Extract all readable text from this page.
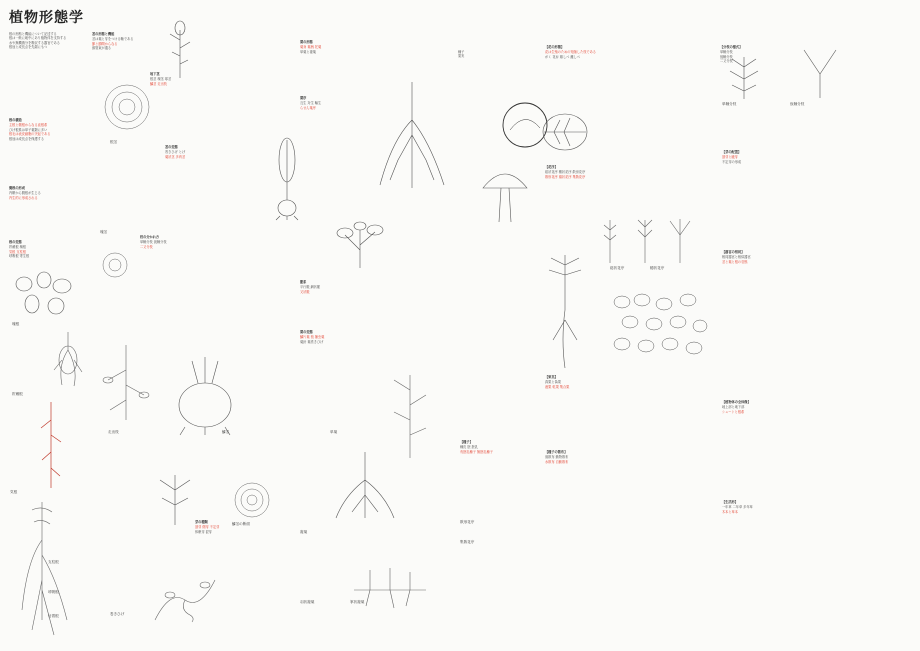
植物形態学
根の形態と機能について記述する
根は一般に地中にあり植物体を支持する
水や無機養分を吸収する器官である
根冠と成長点を先端にもつ
根の構造
主根と側根からなる直根系
ひげ根系は単子葉類に多い
根毛は表皮細胞の突起である
根冠は成長点を保護する
側根の形成
内鞘から側根が生じる
内生的に形成される
根の変態
貯蔵根 塊根
気根 支柱根
呼吸根 寄生根
塊根
貯蔵根
気根
支柱根
呼吸根
付着根
茎の形態と機能
茎は葉と芽をつける軸である
節と節間からなる
維管束が通る
地下茎
根茎 塊茎 球茎
鱗茎 走出枝
茎の変態
巻きひげ とげ
葉状茎 多肉茎
根茎
塊茎
枝の分かれ方
単軸分枝 仮軸分枝
二又分枝
走出枝	鱗茎
鱗茎の断面
巻きひげ
芽の種類
頂芽 側芽 不定芽
休眠芽 混芽
葉の形態
葉身 葉柄 托葉
単葉と複葉
葉序
互生 対生 輪生
らせん葉序
脈系
平行脈 網状脈
叉状脈
葉の変態
鱗片葉 苞 捕虫葉
葉針 葉巻きひげ
単葉
複葉
羽状複葉	掌状複葉
種子
果実
【花の形態】
花は生殖のための短縮した枝である
がく 花弁 雄しべ 雌しべ
【花序】
総状花序 穂状花序 散房花序
散形花序 頭状花序 集散花序
総状花序	穂状花序
【果実】
真果と偽果
液果 乾果 集合果
【種子】
種皮 胚 胚乳
有胚乳種子 無胚乳種子	【種子の散布】
風散布 動物散布
水散布 自動散布
散形花序
集散花序
【分枝の様式】
単軸分枝
仮軸分枝
二又分枝
単軸分枝	仮軸分枝
【芽の配置】
頂芽と腋芽
不定芽の形成
【器官の相同】
相同器官と相似器官
茎と葉と根の変態
【植物体の全体像】
地上部と地下部
シュートと根系
【生活形】
一年草 二年草 多年草
木本と草本
